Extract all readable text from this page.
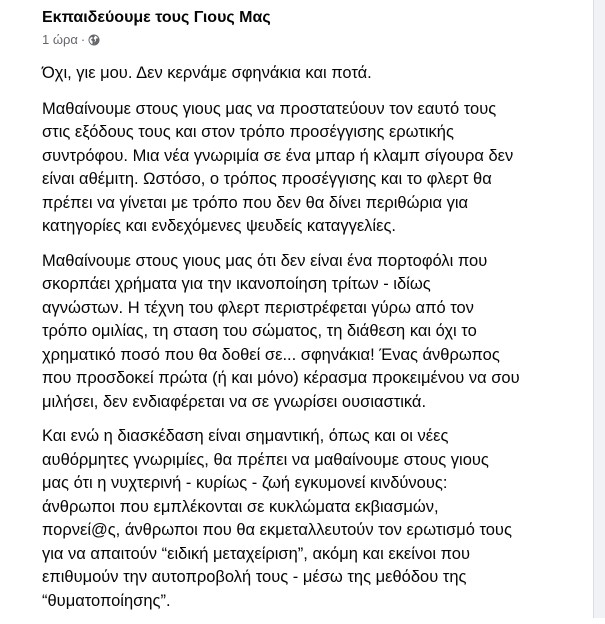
Εκπαιδεύουμε τους Γιους Μας
1 ώρα ·

Όχι, γιε μου. Δεν κερνάμε σφηνάκια και ποτά.

Μαθαίνουμε στους γιους μας να προστατεύουν τον εαυτό τους
στις εξόδους τους και στον τρόπο προσέγγισης ερωτικής
συντρόφου. Μια νέα γνωριμία σε ένα μπαρ ή κλαμπ σίγουρα δεν
είναι αθέμιτη. Ωστόσο, ο τρόπος προσέγγισης και το φλερτ θα
πρέπει να γίνεται με τρόπο που δεν θα δίνει περιθώρια για
κατηγορίες και ενδεχόμενες ψευδείς καταγγελίες.

Μαθαίνουμε στους γιους μας ότι δεν είναι ένα πορτοφόλι που
σκορπάει χρήματα για την ικανοποίηση τρίτων - ιδίως
αγνώστων. Η τέχνη του φλερτ περιστρέφεται γύρω από τον
τρόπο ομιλίας, τη σταση του σώματος, τη διάθεση και όχι το
χρηματικό ποσό που θα δοθεί σε... σφηνάκια! Ένας άνθρωπος
που προσδοκεί πρώτα (ή και μόνο) κέρασμα προκειμένου να σου
μιλήσει, δεν ενδιαφέρεται να σε γνωρίσει ουσιαστικά.

Και ενώ η διασκέδαση είναι σημαντική, όπως και οι νέες
αυθόρμητες γνωριμίες, θα πρέπει να μαθαίνουμε στους γιους
μας ότι η νυχτερινή - κυρίως - ζωή εγκυμονεί κινδύνους:
άνθρωποι που εμπλέκονται σε κυκλώματα εκβιασμών,
πορνεί@ς, άνθρωποι που θα εκμεταλλευτούν τον ερωτισμό τους
για να απαιτούν “ειδική μεταχείριση”, ακόμη και εκείνοι που
επιθυμούν την αυτοπροβολή τους - μέσω της μεθόδου της
“θυματοποίησης”.
